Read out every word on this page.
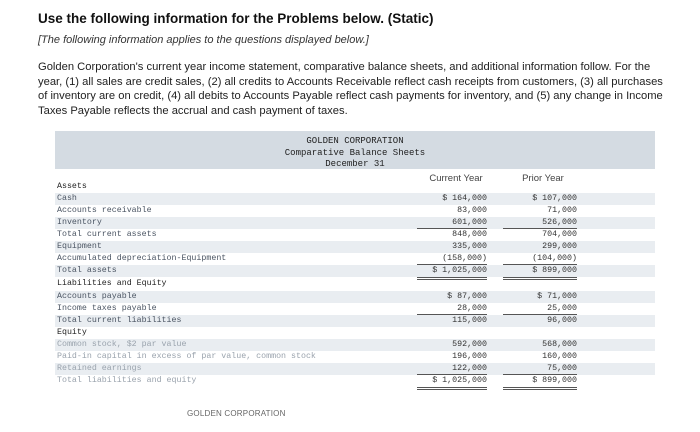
Use the following information for the Problems below. (Static)
[The following information applies to the questions displayed below.]
Golden Corporation's current year income statement, comparative balance sheets, and additional information follow. For the year, (1) all sales are credit sales, (2) all credits to Accounts Receivable reflect cash receipts from customers, (3) all purchases of inventory are on credit, (4) all debits to Accounts Payable reflect cash payments for inventory, and (5) any change in Income Taxes Payable reflects the accrual and cash payment of taxes.
GOLDEN CORPORATION
Comparative Balance Sheets
December 31
Current Year	Prior Year
Assets
Cash	$ 164,000	$ 107,000
Accounts receivable	83,000	71,000
Inventory	601,000	526,000
Total current assets	848,000	704,000
Equipment	335,000	299,000
Accumulated depreciation-Equipment	(158,000)	(104,000)
Total assets	$ 1,025,000	$ 899,000
Liabilities and Equity
Accounts payable	$ 87,000	$ 71,000
Income taxes payable	28,000	25,000
Total current liabilities	115,000	96,000
Equity
Common stock, $2 par value	592,000	568,000
Paid-in capital in excess of par value, common stock	196,000	160,000
Retained earnings	122,000	75,000
Total liabilities and equity	$ 1,025,000	$ 899,000
GOLDEN CORPORATION
